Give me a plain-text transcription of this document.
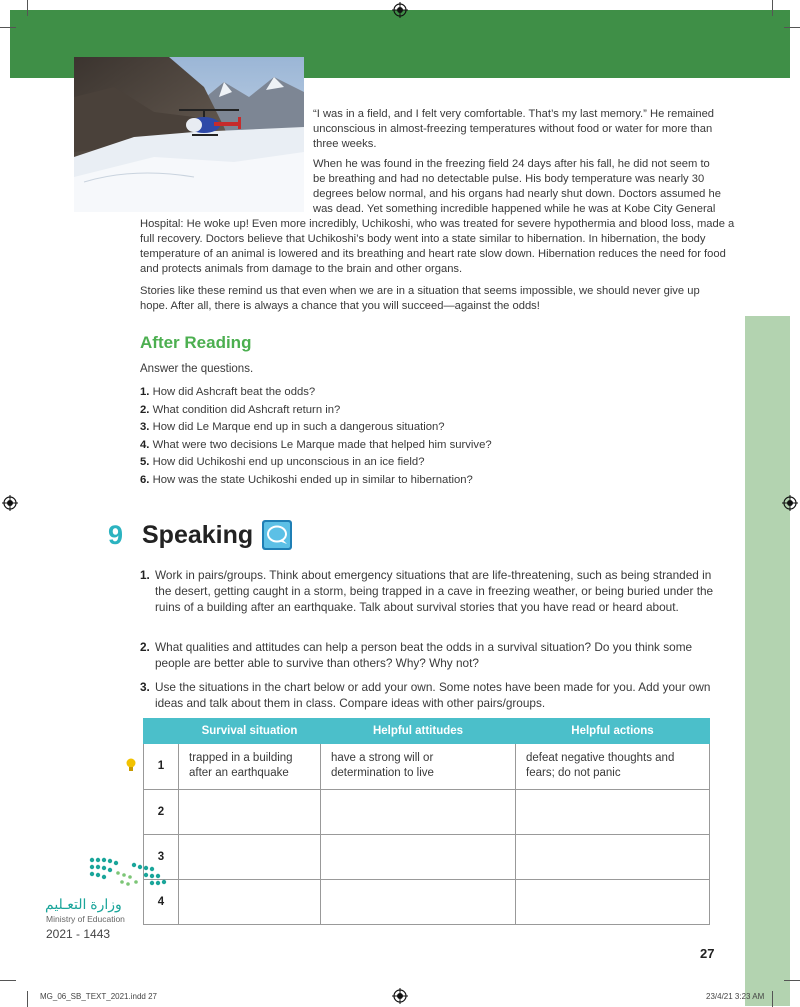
“I was in a field, and I felt very comfortable. That’s my last memory.” He remained unconscious in almost-freezing temperatures without food or water for more than three weeks.

When he was found in the freezing field 24 days after his fall, he did not seem to
be breathing and had no detectable pulse. His body temperature was nearly 30
degrees below normal, and his organs had nearly shut down. Doctors assumed he
was dead. Yet something incredible happened while he was at Kobe City General

Hospital: He woke up! Even more incredibly, Uchikoshi, who was treated for severe hypothermia and blood loss, made a full recovery. Doctors believe that Uchikoshi’s body went into a state similar to hibernation. In hibernation, the body temperature of an animal is lowered and its breathing and heart rate slow down. Hibernation reduces the need for food and protects animals from damage to the brain and other organs.

Stories like these remind us that even when we are in a situation that seems impossible, we should never give up hope. After all, there is always a chance that you will succeed—against the odds!

After Reading
Answer the questions.
1. How did Ashcraft beat the odds?
2. What condition did Ashcraft return in?
3. How did Le Marque end up in such a dangerous situation?
4. What were two decisions Le Marque made that helped him survive?
5. How did Uchikoshi end up unconscious in an ice field?
6. How was the state Uchikoshi ended up in similar to hibernation?
9 Speaking
1. Work in pairs/groups. Think about emergency situations that are life-threatening, such as being stranded in the desert, getting caught in a storm, being trapped in a cave in freezing weather, or being buried under the ruins of a building after an earthquake. Talk about survival stories that you have read or heard about.
2. What qualities and attitudes can help a person beat the odds in a survival situation? Do you think some people are better able to survive than others? Why? Why not?
3. Use the situations in the chart below or add your own. Some notes have been made for you. Add your own ideas and talk about them in class. Compare ideas with other pairs/groups.
	Survival situation	Helpful attitudes	Helpful actions
1	trapped in a building after an earthquake	have a strong will or determination to live	defeat negative thoughts and fears; do not panic
2			
3			
4			
وزارة التعـليم
Ministry of Education
2021 - 1443
27
MG_06_SB_TEXT_2021.indd 27	23/4/21 3:23 AM
